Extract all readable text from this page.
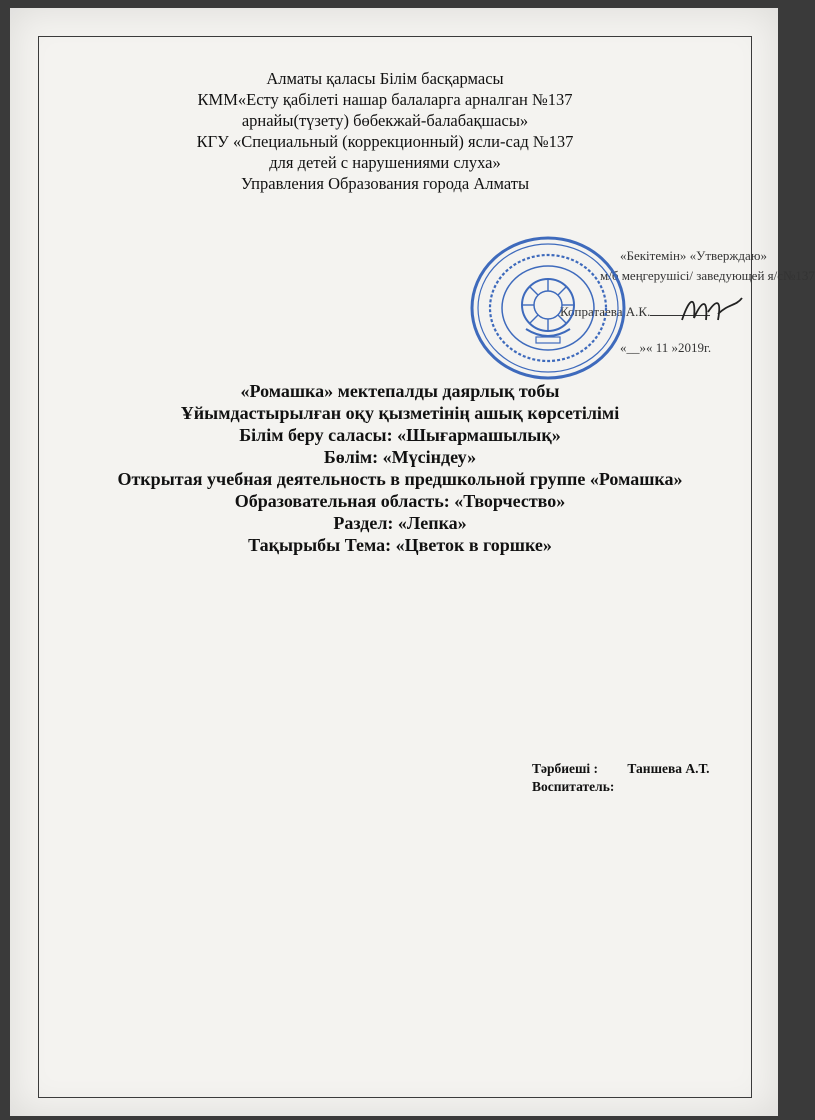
Алматы қаласы Білім басқармасы
КММ«Есту қабілеті нашар балаларга арналган №137
арнайы(түзету) бөбекжай-балабақшасы»
КГУ «Специальный (коррекционный) ясли-сад №137
для детей с нарушениями слуха»
Управления Образования города Алматы
«Бекітемін» «Утверждаю»
м/б меңгерушісі/ заведующей я/с№137
Копратаева А.К.
«__»« 11 »2019г.
«Ромашка» мектепалды даярлық тобы
Ұйымдастырылған оқу қызметінің ашық көрсетілімі
Білім беру саласы: «Шығармашылық»
Бөлім: «Мүсіндеу»
Открытая учебная деятельность в предшкольной группе «Ромашка»
Образовательная область: «Творчество»
Раздел: «Лепка»
Тақырыбы Тема: «Цветок в горшке»
Тәрбиеші : Таншева А.Т.
Воспитатель:
